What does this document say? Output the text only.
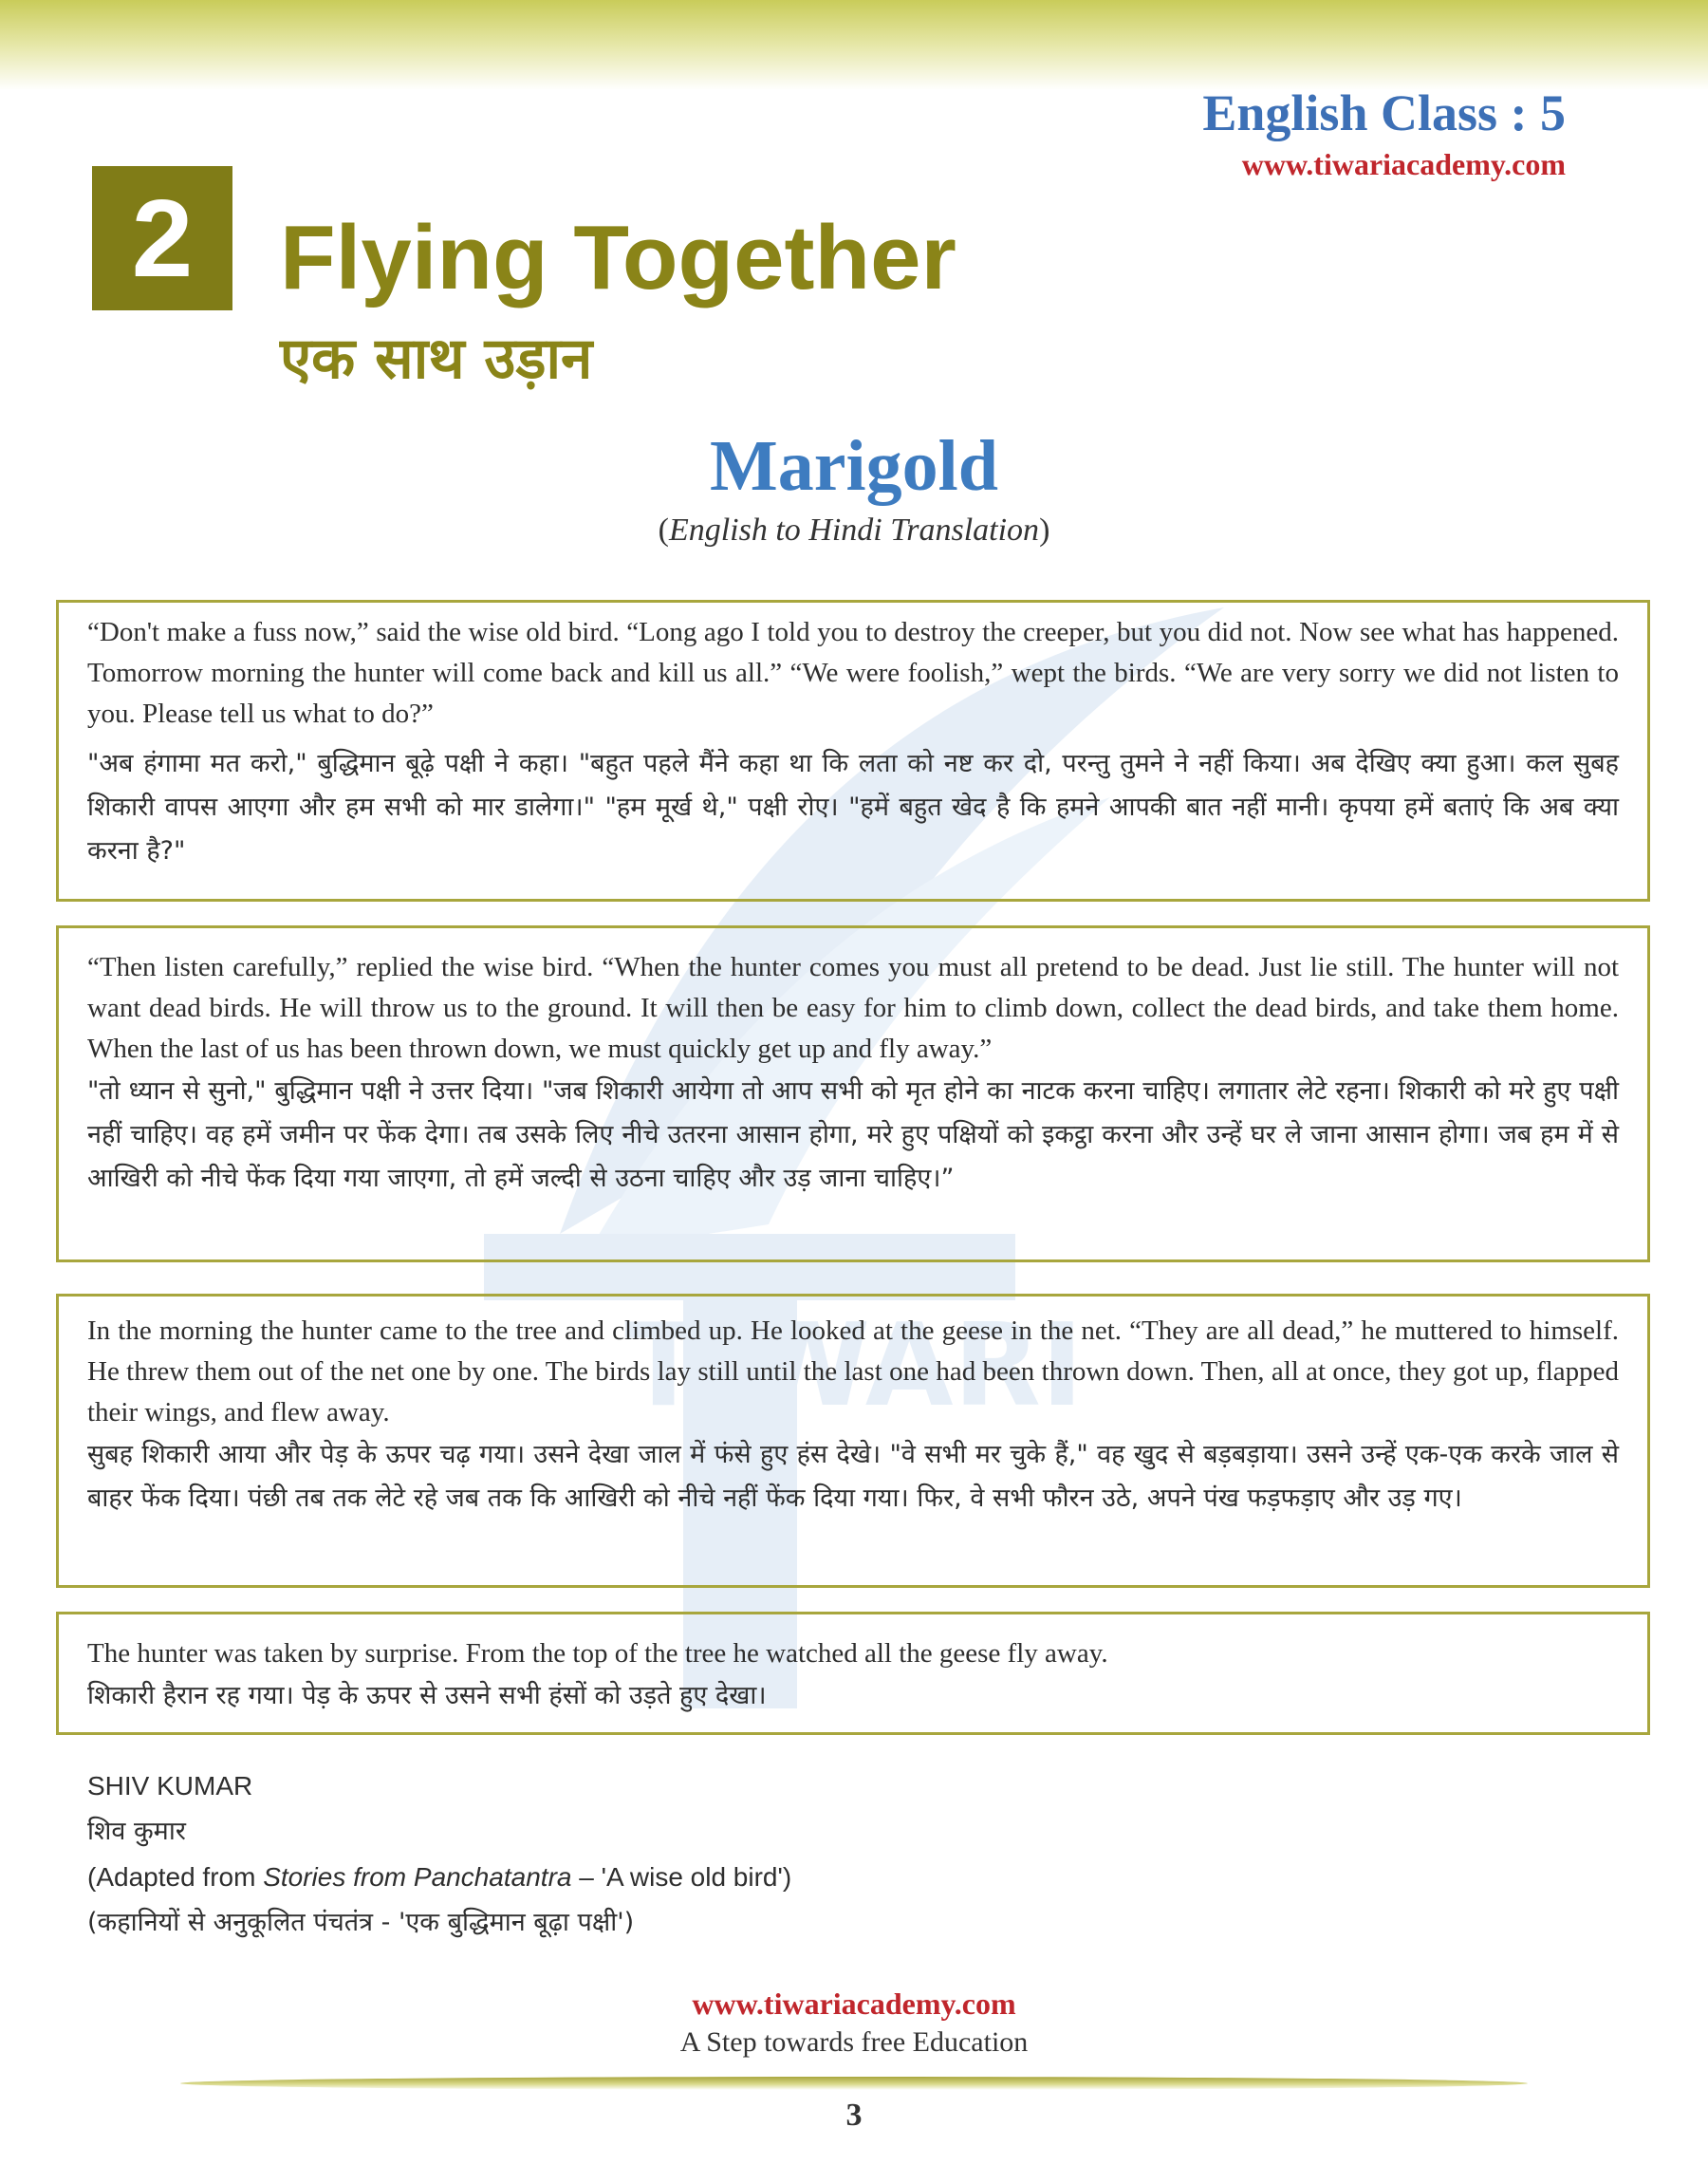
TIWARI
English Class : 5
www.tiwariacademy.com
2 Flying Together
एक साथ उड़ान
Marigold
(English to Hindi Translation)

“Don't make a fuss now,” said the wise old bird. “Long ago I told you to destroy the creeper, but you did not. Now see what has happened. Tomorrow morning the hunter will come back and kill us all.” “We were foolish,” wept the birds. “We are very sorry we did not listen to you. Please tell us what to do?”

"अब हंगामा मत करो," बुद्धिमान बूढ़े पक्षी ने कहा। "बहुत पहले मैंने कहा था कि लता को नष्ट कर दो, परन्तु तुमने ने नहीं किया। अब देखिए क्या हुआ। कल सुबह शिकारी वापस आएगा और हम सभी को मार डालेगा।" "हम मूर्ख थे," पक्षी रोए। "हमें बहुत खेद है कि हमने आपकी बात नहीं मानी। कृपया हमें बताएं कि अब क्या करना है?"

“Then listen carefully,” replied the wise bird. “When the hunter comes you must all pretend to be dead. Just lie still. The hunter will not want dead birds. He will throw us to the ground. It will then be easy for him to climb down, collect the dead birds, and take them home. When the last of us has been thrown down, we must quickly get up and fly away.”

"तो ध्यान से सुनो," बुद्धिमान पक्षी ने उत्तर दिया। "जब शिकारी आयेगा तो आप सभी को मृत होने का नाटक करना चाहिए। लगातार लेटे रहना। शिकारी को मरे हुए पक्षी नहीं चाहिए। वह हमें जमीन पर फेंक देगा। तब उसके लिए नीचे उतरना आसान होगा, मरे हुए पक्षियों को इकट्ठा करना और उन्हें घर ले जाना आसान होगा। जब हम में से आखिरी को नीचे फेंक दिया गया जाएगा, तो हमें जल्दी से उठना चाहिए और उड़ जाना चाहिए।”

In the morning the hunter came to the tree and climbed up. He looked at the geese in the net. “They are all dead,” he muttered to himself. He threw them out of the net one by one. The birds lay still until the last one had been thrown down. Then, all at once, they got up, flapped their wings, and flew away.

सुबह शिकारी आया और पेड़ के ऊपर चढ़ गया। उसने देखा जाल में फंसे हुए हंस देखे। "वे सभी मर चुके हैं," वह खुद से बड़बड़ाया। उसने उन्हें एक-एक करके जाल से बाहर फेंक दिया। पंछी तब तक लेटे रहे जब तक कि आखिरी को नीचे नहीं फेंक दिया गया। फिर, वे सभी फौरन उठे, अपने पंख फड़फड़ाए और उड़ गए।

The hunter was taken by surprise. From the top of the tree he watched all the geese fly away.

शिकारी हैरान रह गया। पेड़ के ऊपर से उसने सभी हंसों को उड़ते हुए देखा।

SHIV KUMAR
शिव कुमार
(Adapted from Stories from Panchatantra – 'A wise old bird')
(कहानियों से अनुकूलित पंचतंत्र - 'एक बुद्धिमान बूढ़ा पक्षी')
www.tiwariacademy.com
A Step towards free Education
3
